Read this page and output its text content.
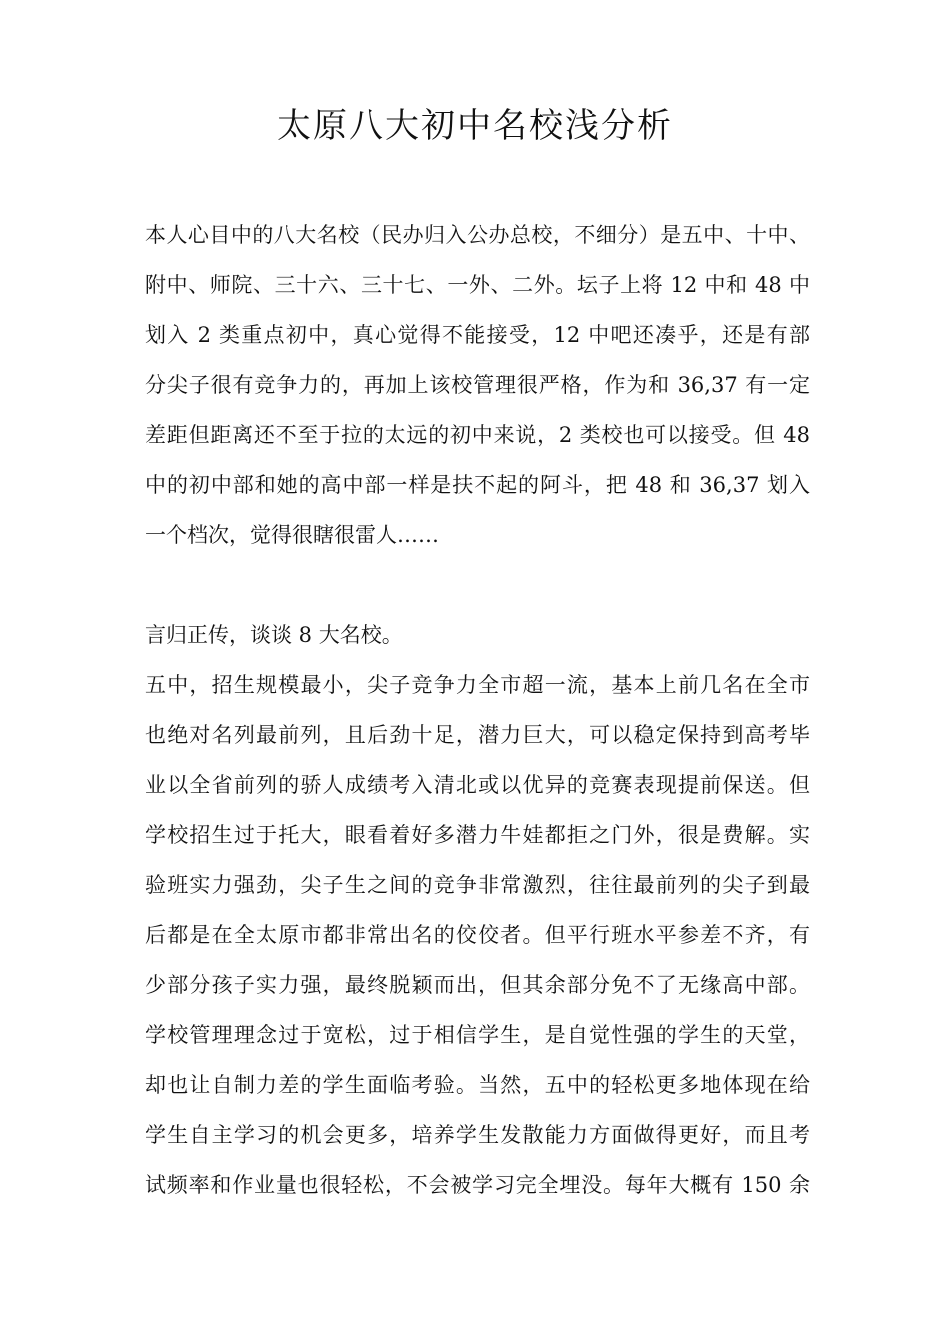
太原八大初中名校浅分析
本人心目中的八大名校（民办归入公办总校，不细分）是五中、十中、
附中、师院、三十六、三十七、一外、二外。坛子上将 12 中和 48 中
划入 2 类重点初中，真心觉得不能接受，12 中吧还凑乎，还是有部
分尖子很有竞争力的，再加上该校管理很严格，作为和 36,37 有一定
差距但距离还不至于拉的太远的初中来说，2 类校也可以接受。但 48
中的初中部和她的高中部一样是扶不起的阿斗，把 48 和 36,37 划入
一个档次，觉得很瞎很雷人……
言归正传，谈谈 8 大名校。
五中，招生规模最小，尖子竞争力全市超一流，基本上前几名在全市
也绝对名列最前列，且后劲十足，潜力巨大，可以稳定保持到高考毕
业以全省前列的骄人成绩考入清北或以优异的竞赛表现提前保送。但
学校招生过于托大，眼看着好多潜力牛娃都拒之门外，很是费解。实
验班实力强劲，尖子生之间的竞争非常激烈，往往最前列的尖子到最
后都是在全太原市都非常出名的佼佼者。但平行班水平参差不齐，有
少部分孩子实力强，最终脱颖而出，但其余部分免不了无缘高中部。
学校管理理念过于宽松，过于相信学生，是自觉性强的学生的天堂，
却也让自制力差的学生面临考验。当然，五中的轻松更多地体现在给
学生自主学习的机会更多，培养学生发散能力方面做得更好，而且考
试频率和作业量也很轻松，不会被学习完全埋没。每年大概有 150 余
